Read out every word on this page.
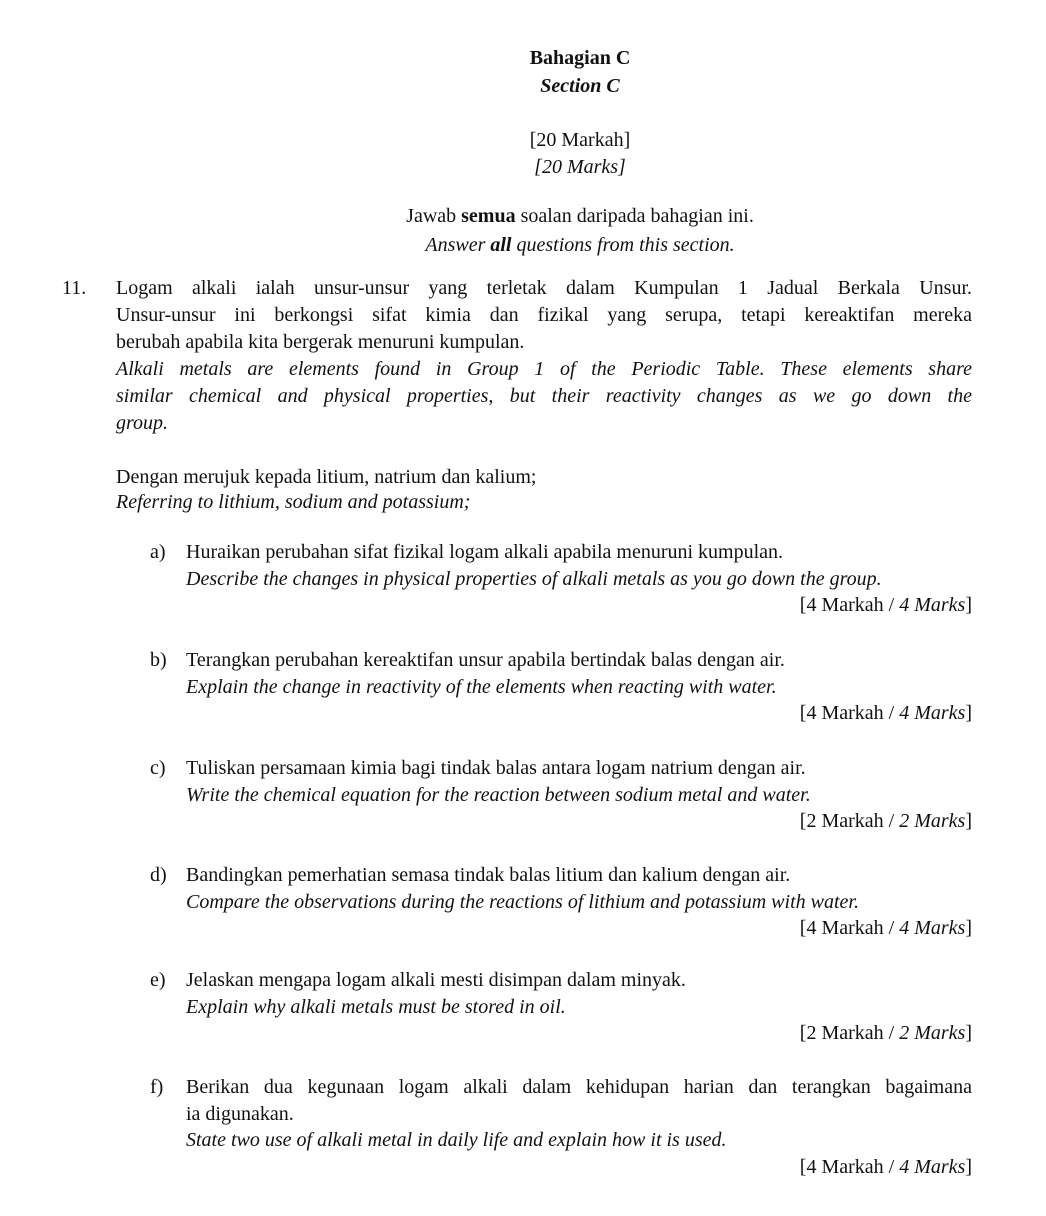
Bahagian C
Section C
[20 Markah]
[20 Marks]
Jawab semua soalan daripada bahagian ini.
Answer all questions from this section.
11. Logam alkali ialah unsur-unsur yang terletak dalam Kumpulan 1 Jadual Berkala Unsur.
Unsur-unsur ini berkongsi sifat kimia dan fizikal yang serupa, tetapi kereaktifan mereka
berubah apabila kita bergerak menuruni kumpulan.
Alkali metals are elements found in Group 1 of the Periodic Table. These elements share
similar chemical and physical properties, but their reactivity changes as we go down the
group.
Dengan merujuk kepada litium, natrium dan kalium;
Referring to lithium, sodium and potassium;
a) Huraikan perubahan sifat fizikal logam alkali apabila menuruni kumpulan.
Describe the changes in physical properties of alkali metals as you go down the group.
[4 Markah / 4 Marks]
b) Terangkan perubahan kereaktifan unsur apabila bertindak balas dengan air.
Explain the change in reactivity of the elements when reacting with water.
[4 Markah / 4 Marks]
c) Tuliskan persamaan kimia bagi tindak balas antara logam natrium dengan air.
Write the chemical equation for the reaction between sodium metal and water.
[2 Markah / 2 Marks]
d) Bandingkan pemerhatian semasa tindak balas litium dan kalium dengan air.
Compare the observations during the reactions of lithium and potassium with water.
[4 Markah / 4 Marks]
e) Jelaskan mengapa logam alkali mesti disimpan dalam minyak.
Explain why alkali metals must be stored in oil.
[2 Markah / 2 Marks]
f) Berikan dua kegunaan logam alkali dalam kehidupan harian dan terangkan bagaimana
ia digunakan.
State two use of alkali metal in daily life and explain how it is used.
[4 Markah / 4 Marks]
